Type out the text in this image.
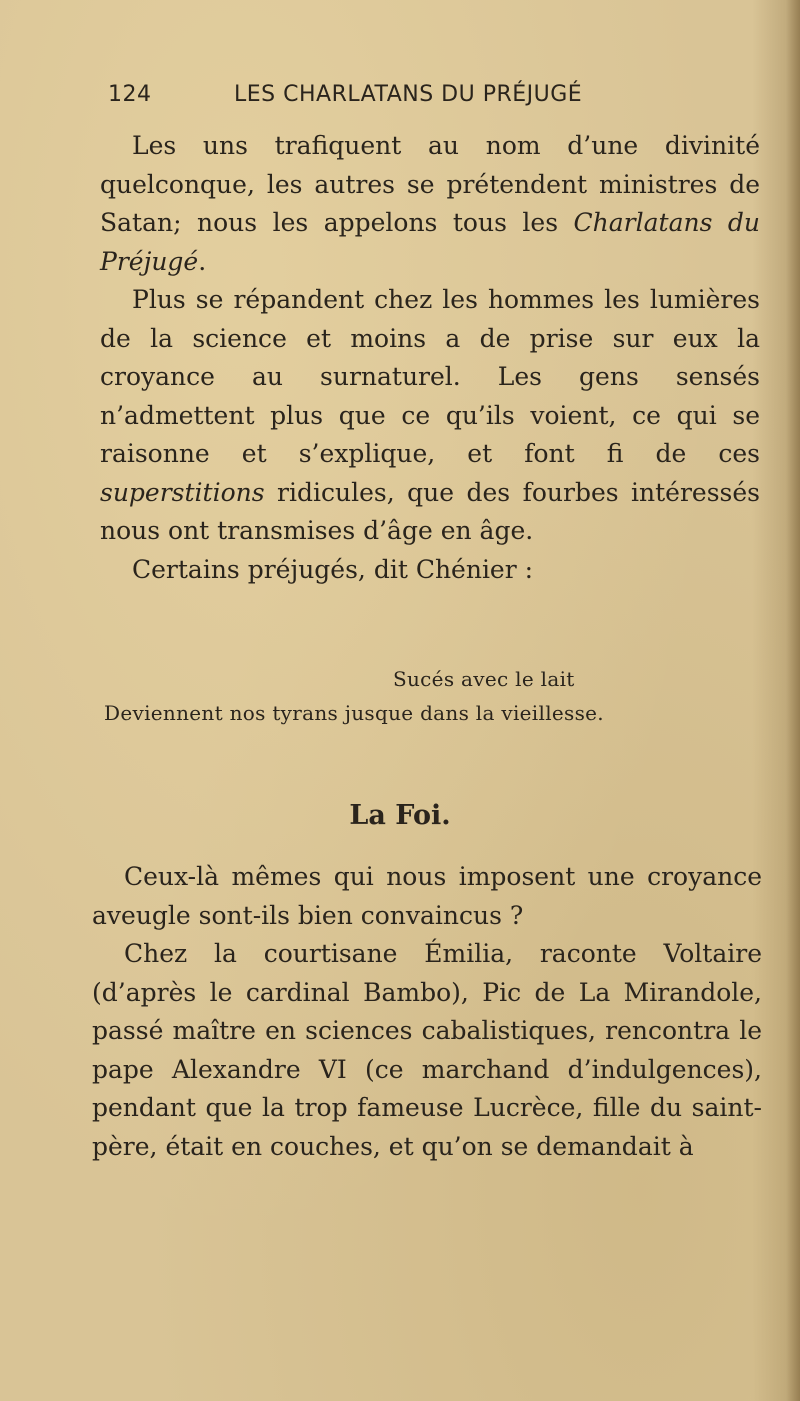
124	LES CHARLATANS DU PRÉJUGÉ

Les uns trafiquent au nom d’une divinité quelconque, les autres se prétendent ministres de Satan; nous les appelons tous les Charlatans du Préjugé.

Plus se répandent chez les hommes les lumières de la science et moins a de prise sur eux la croyance au surnaturel. Les gens sensés n’admettent plus que ce qu’ils voient, ce qui se raisonne et s’explique, et font fi de ces superstitions ridicules, que des fourbes intéressés nous ont transmises d’âge en âge.

Certains préjugés, dit Chénier :

Sucés avec le lait
Deviennent nos tyrans jusque dans la vieillesse.
La Foi.

Ceux-là mêmes qui nous imposent une croyance aveugle sont-ils bien convaincus ?

Chez la courtisane Émilia, raconte Voltaire (d’après le cardinal Bambo), Pic de La Mirandole, passé maître en sciences cabalistiques, rencontra le pape Alexandre VI (ce marchand d’indulgences), pendant que la trop fameuse Lucrèce, fille du saint-père, était en couches, et qu’on se demandait à
